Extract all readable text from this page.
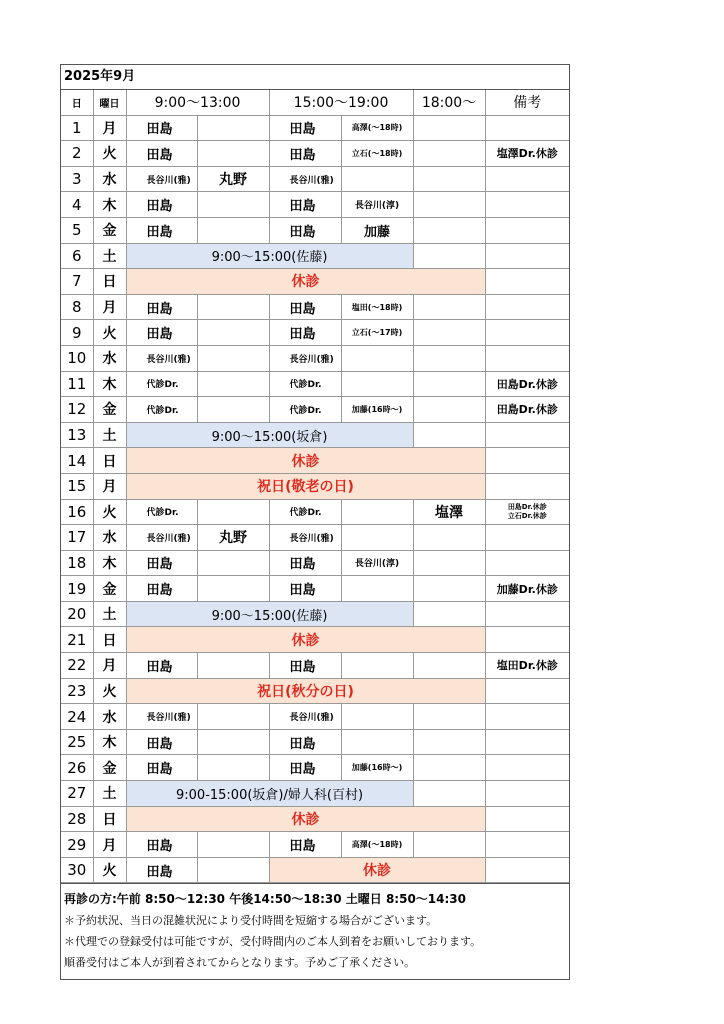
2025年9月
日	曜日	9:00〜13:00		15:00〜19:00		18:00〜	備考
1	月	田島		田島	高澤(〜18時)		
2	火	田島		田島	立石(〜18時)		塩澤Dr.休診
3	水	長谷川(雅)	丸野	長谷川(雅)			
4	木	田島		田島	長谷川(淳)		
5	金	田島		田島	加藤		
6	土	9:00〜15:00(佐藤)					
7	日	休診					
8	月	田島		田島	塩田(〜18時)		
9	火	田島		田島	立石(〜17時)		
10	水	長谷川(雅)		長谷川(雅)			
11	木	代診Dr.		代診Dr.			田島Dr.休診
12	金	代診Dr.		代診Dr.	加藤(16時〜)		田島Dr.休診
13	土	9:00〜15:00(坂倉)					
14	日	休診					
15	月	祝日(敬老の日)					
16	火	代診Dr.		代診Dr.		塩澤	田島Dr.休診
立石Dr.休診

17	水	長谷川(雅)	丸野	長谷川(雅)			
18	木	田島		田島	長谷川(淳)		
19	金	田島		田島			加藤Dr.休診
20	土	9:00〜15:00(佐藤)					
21	日	休診					
22	月	田島		田島			塩田Dr.休診
23	火	祝日(秋分の日)					
24	水	長谷川(雅)		長谷川(雅)			
25	木	田島		田島			
26	金	田島		田島	加藤(16時〜)		
27	土	9:00-15:00(坂倉)/婦人科(百村)					
28	日	休診					
29	月	田島		田島	高澤(〜18時)		
30	火	田島		休診			
再診の方:午前 8:50〜12:30 午後14:50〜18:30 土曜日 8:50〜14:30
＊予約状況、当日の混雑状況により受付時間を短縮する場合がございます。
＊代理での登録受付は可能ですが、受付時間内のご本人到着をお願いしております。
順番受付はご本人が到着されてからとなります。予めご了承ください。
